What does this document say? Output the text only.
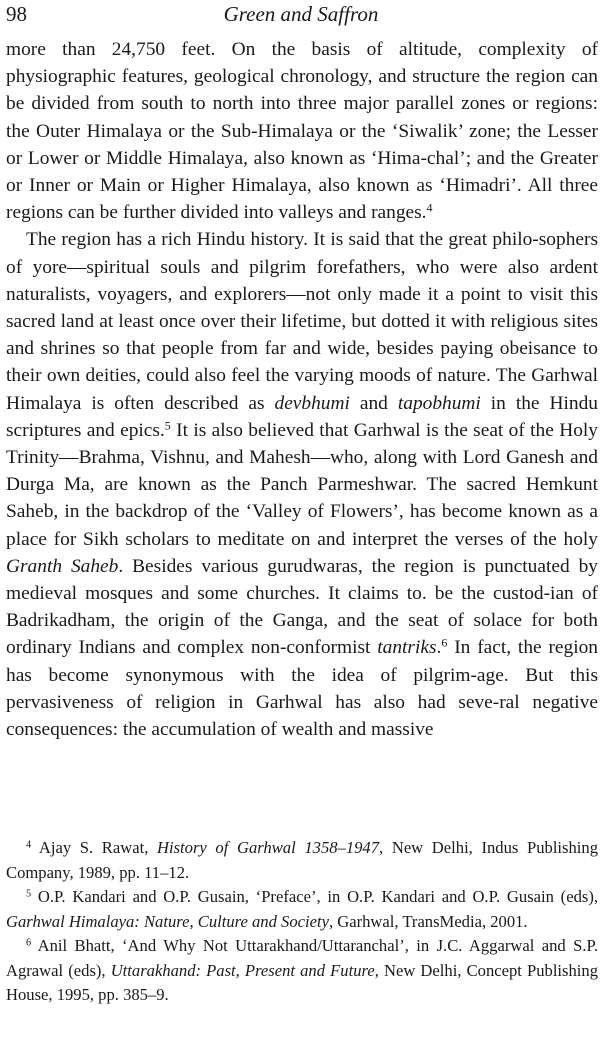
98	Green and Saffron

more than 24,750 feet. On the basis of altitude, complexity of physiographic features, geological chronology, and structure the region can be divided from south to north into three major parallel zones or regions: the Outer Himalaya or the Sub-Himalaya or the ‘Siwalik’ zone; the Lesser or Lower or Middle Himalaya, also known as ‘Hima-chal’; and the Greater or Inner or Main or Higher Himalaya, also known as ‘Himadri’. All three regions can be further divided into valleys and ranges.$^4$

The region has a rich Hindu history. It is said that the great philo-sophers of yore—spiritual souls and pilgrim forefathers, who were also ardent naturalists, voyagers, and explorers—not only made it a point to visit this sacred land at least once over their lifetime, but dotted it with religious sites and shrines so that people from far and wide, besides paying obeisance to their own deities, could also feel the varying moods of nature. The Garhwal Himalaya is often described as devbhumi and tapobhumi in the Hindu scriptures and epics.$^5$ It is also believed that Garhwal is the seat of the Holy Trinity—Brahma, Vishnu, and Mahesh—who, along with Lord Ganesh and Durga Ma, are known as the Panch Parmeshwar. The sacred Hemkunt Saheb, in the backdrop of the ‘Valley of Flowers’, has become known as a place for Sikh scholars to meditate on and interpret the verses of the holy Granth Saheb. Besides various gurudwaras, the region is punctuated by medieval mosques and some churches. It claims to. be the custod-ian of Badrikadham, the origin of the Ganga, and the seat of solace for both ordinary Indians and complex non-conformist tantriks.$^6$ In fact, the region has become synonymous with the idea of pilgrim-age. But this pervasiveness of religion in Garhwal has also had seve-ral negative consequences: the accumulation of wealth and massive

$^4$ Ajay S. Rawat, History of Garhwal 1358–1947, New Delhi, Indus Publishing Company, 1989, pp. 11–12.

$^5$ O.P. Kandari and O.P. Gusain, ‘Preface’, in O.P. Kandari and O.P. Gusain (eds), Garhwal Himalaya: Nature, Culture and Society, Garhwal, TransMedia, 2001.

$^6$ Anil Bhatt, ‘And Why Not Uttarakhand/Uttaranchal’, in J.C. Aggarwal and S.P. Agrawal (eds), Uttarakhand: Past, Present and Future, New Delhi, Concept Publishing House, 1995, pp. 385–9.
